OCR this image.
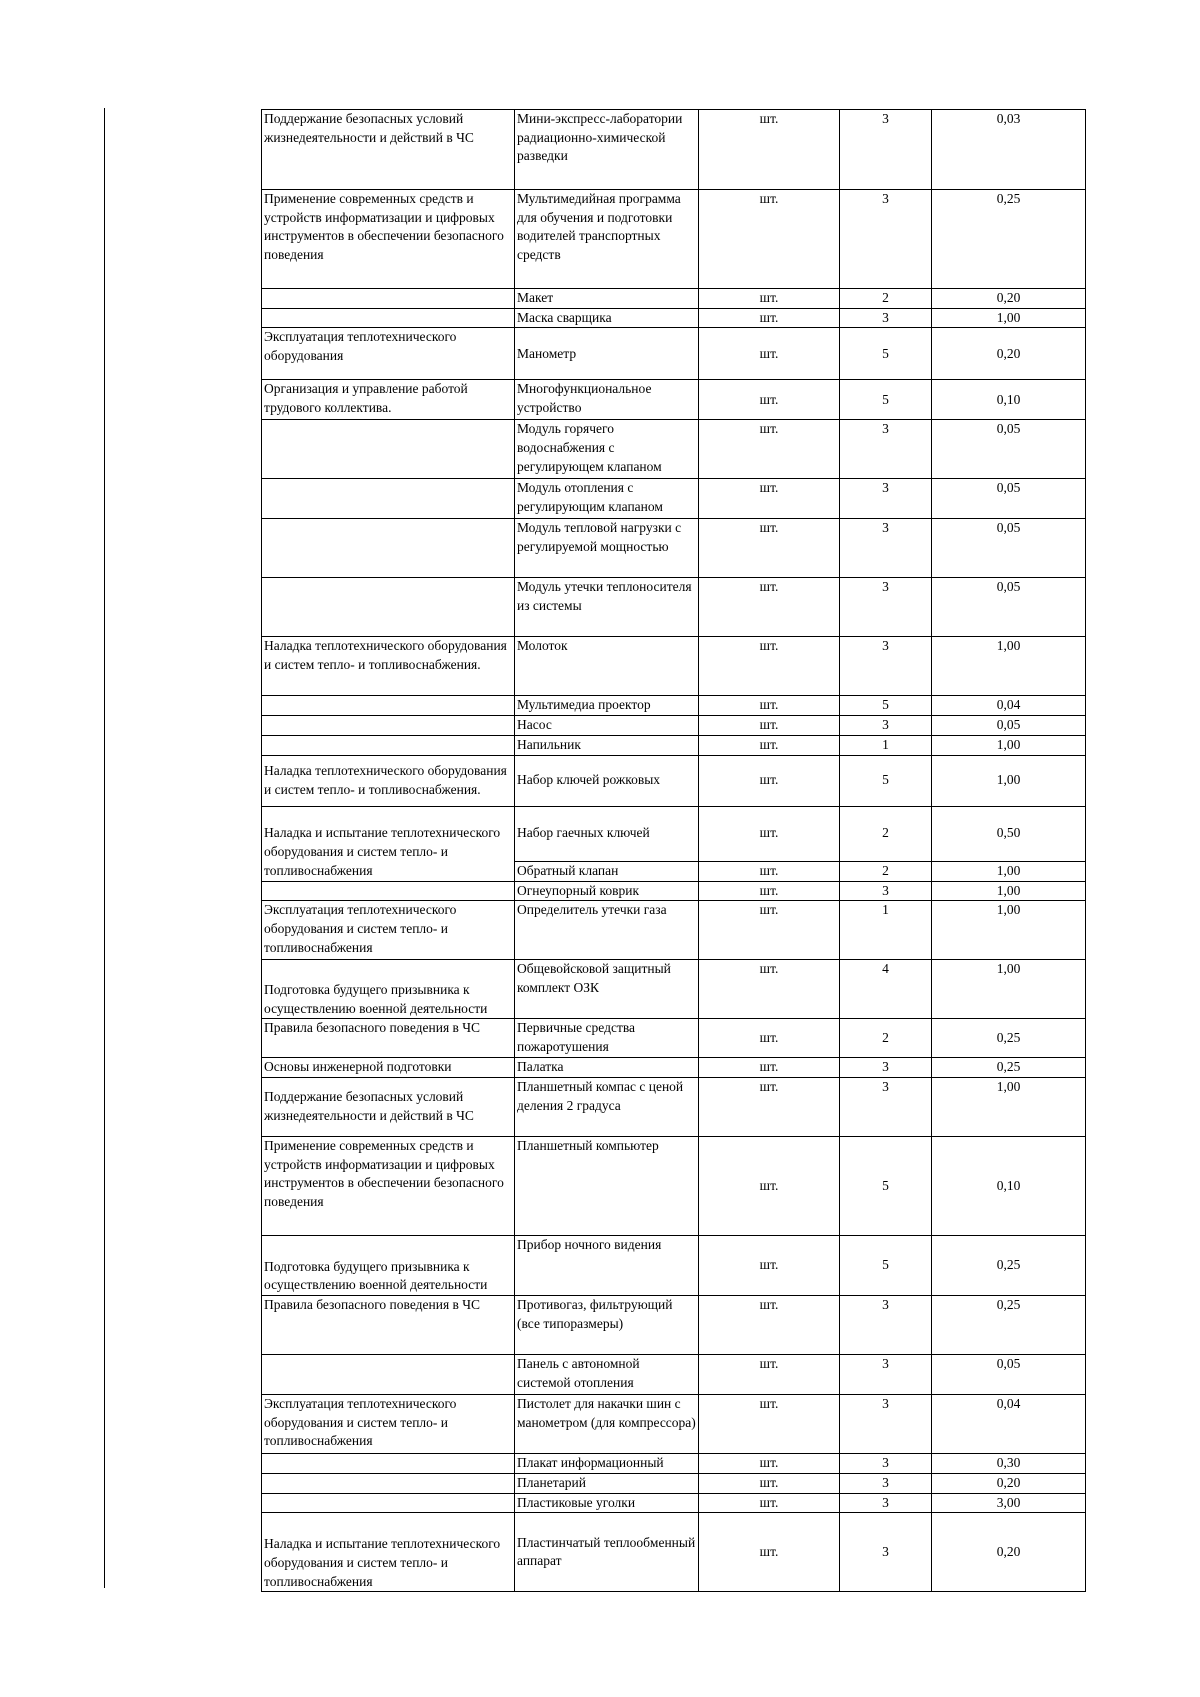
Поддержание безопасных условий жизнедеятельности и действий в ЧС	Мини-экспресс-лаборатории радиационно-химической разведки	шт.	3	0,03
Применение современных средств и устройств информатизации и цифровых инструментов в обеспечении безопасного поведения	Мультимедийная программа для обучения и подготовки водителей транспортных средств	шт.	3	0,25
	Макет	шт.	2	0,20
	Маска сварщика	шт.	3	1,00
Эксплуатация теплотехнического оборудования	Манометр	шт.	5	0,20
Организация и управление работой трудового коллектива.	Многофункциональное устройство	шт.	5	0,10
	Модуль горячего водоснабжения с регулирующем клапаном	шт.	3	0,05
	Модуль отопления с регулирующим клапаном	шт.	3	0,05
	Модуль тепловой нагрузки с регулируемой мощностью	шт.	3	0,05
	Модуль утечки теплоносителя из системы	шт.	3	0,05
Наладка теплотехнического оборудования и систем тепло- и топливоснабжения.	Молоток	шт.	3	1,00
	Мультимедиа проектор	шт.	5	0,04
	Насос	шт.	3	0,05
	Напильник	шт.	1	1,00
Наладка теплотехнического оборудования и систем тепло- и топливоснабжения.	Набор ключей рожковых	шт.	5	1,00
Наладка и испытание теплотехнического оборудования и систем тепло- и топливоснабжения	Набор гаечных ключей	шт.	2	0,50
	Обратный клапан	шт.	2	1,00
	Огнеупорный коврик	шт.	3	1,00
Эксплуатация теплотехнического оборудования и систем тепло- и топливоснабжения	Определитель утечки газа	шт.	1	1,00
Подготовка будущего призывника к осуществлению военной деятельности	Общевойсковой защитный комплект ОЗК	шт.	4	1,00
Правила безопасного поведения в ЧС	Первичные средства пожаротушения	шт.	2	0,25
Основы инженерной подготовки	Палатка	шт.	3	0,25
Поддержание безопасных условий жизнедеятельности и действий в ЧС	Планшетный компас с ценой деления 2 градуса	шт.	3	1,00
Применение современных средств и устройств информатизации и цифровых инструментов в обеспечении безопасного поведения	Планшетный компьютер	шт.	5	0,10
Подготовка будущего призывника к осуществлению военной деятельности	Прибор ночного видения	шт.	5	0,25
Правила безопасного поведения в ЧС	Противогаз, фильтрующий (все типоразмеры)	шт.	3	0,25
	Панель с автономной системой отопления	шт.	3	0,05
Эксплуатация теплотехнического оборудования и систем тепло- и топливоснабжения	Пистолет для накачки шин с манометром (для компрессора)	шт.	3	0,04
	Плакат информационный	шт.	3	0,30
	Планетарий	шт.	3	0,20
	Пластиковые уголки	шт.	3	3,00
Наладка и испытание теплотехнического оборудования и систем тепло- и топливоснабжения	Пластинчатый теплообменный аппарат	шт.	3	0,20
